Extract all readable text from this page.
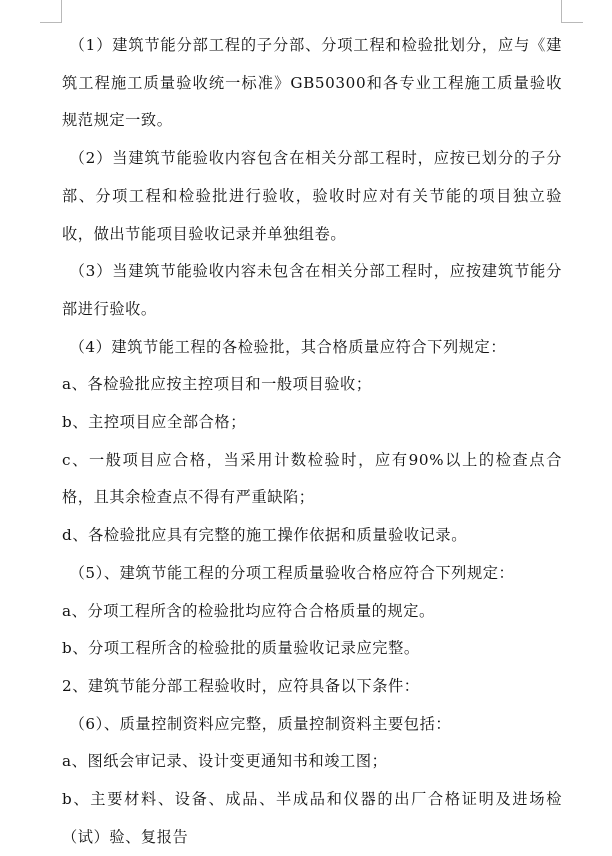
（1）建筑节能分部工程的子分部、分项工程和检验批划分，应与《建筑工程施工质量验收统一标准》GB50300和各专业工程施工质量验收规范规定一致。

（2）当建筑节能验收内容包含在相关分部工程时，应按已划分的子分部、分项工程和检验批进行验收，验收时应对有关节能的项目独立验收，做出节能项目验收记录并单独组卷。

（3）当建筑节能验收内容未包含在相关分部工程时，应按建筑节能分部进行验收。

（4）建筑节能工程的各检验批，其合格质量应符合下列规定：

a、各检验批应按主控项目和一般项目验收；

b、主控项目应全部合格；

c、一般项目应合格，当采用计数检验时，应有90%以上的检查点合格，且其余检查点不得有严重缺陷；

d、各检验批应具有完整的施工操作依据和质量验收记录。

（5）、建筑节能工程的分项工程质量验收合格应符合下列规定：

a、分项工程所含的检验批均应符合合格质量的规定。

b、分项工程所含的检验批的质量验收记录应完整。

2、建筑节能分部工程验收时，应符具备以下条件：

（6）、质量控制资料应完整，质量控制资料主要包括：

a、图纸会审记录、设计变更通知书和竣工图；

b、主要材料、设备、成品、半成品和仪器的出厂合格证明及进场检（试）验、复报告
